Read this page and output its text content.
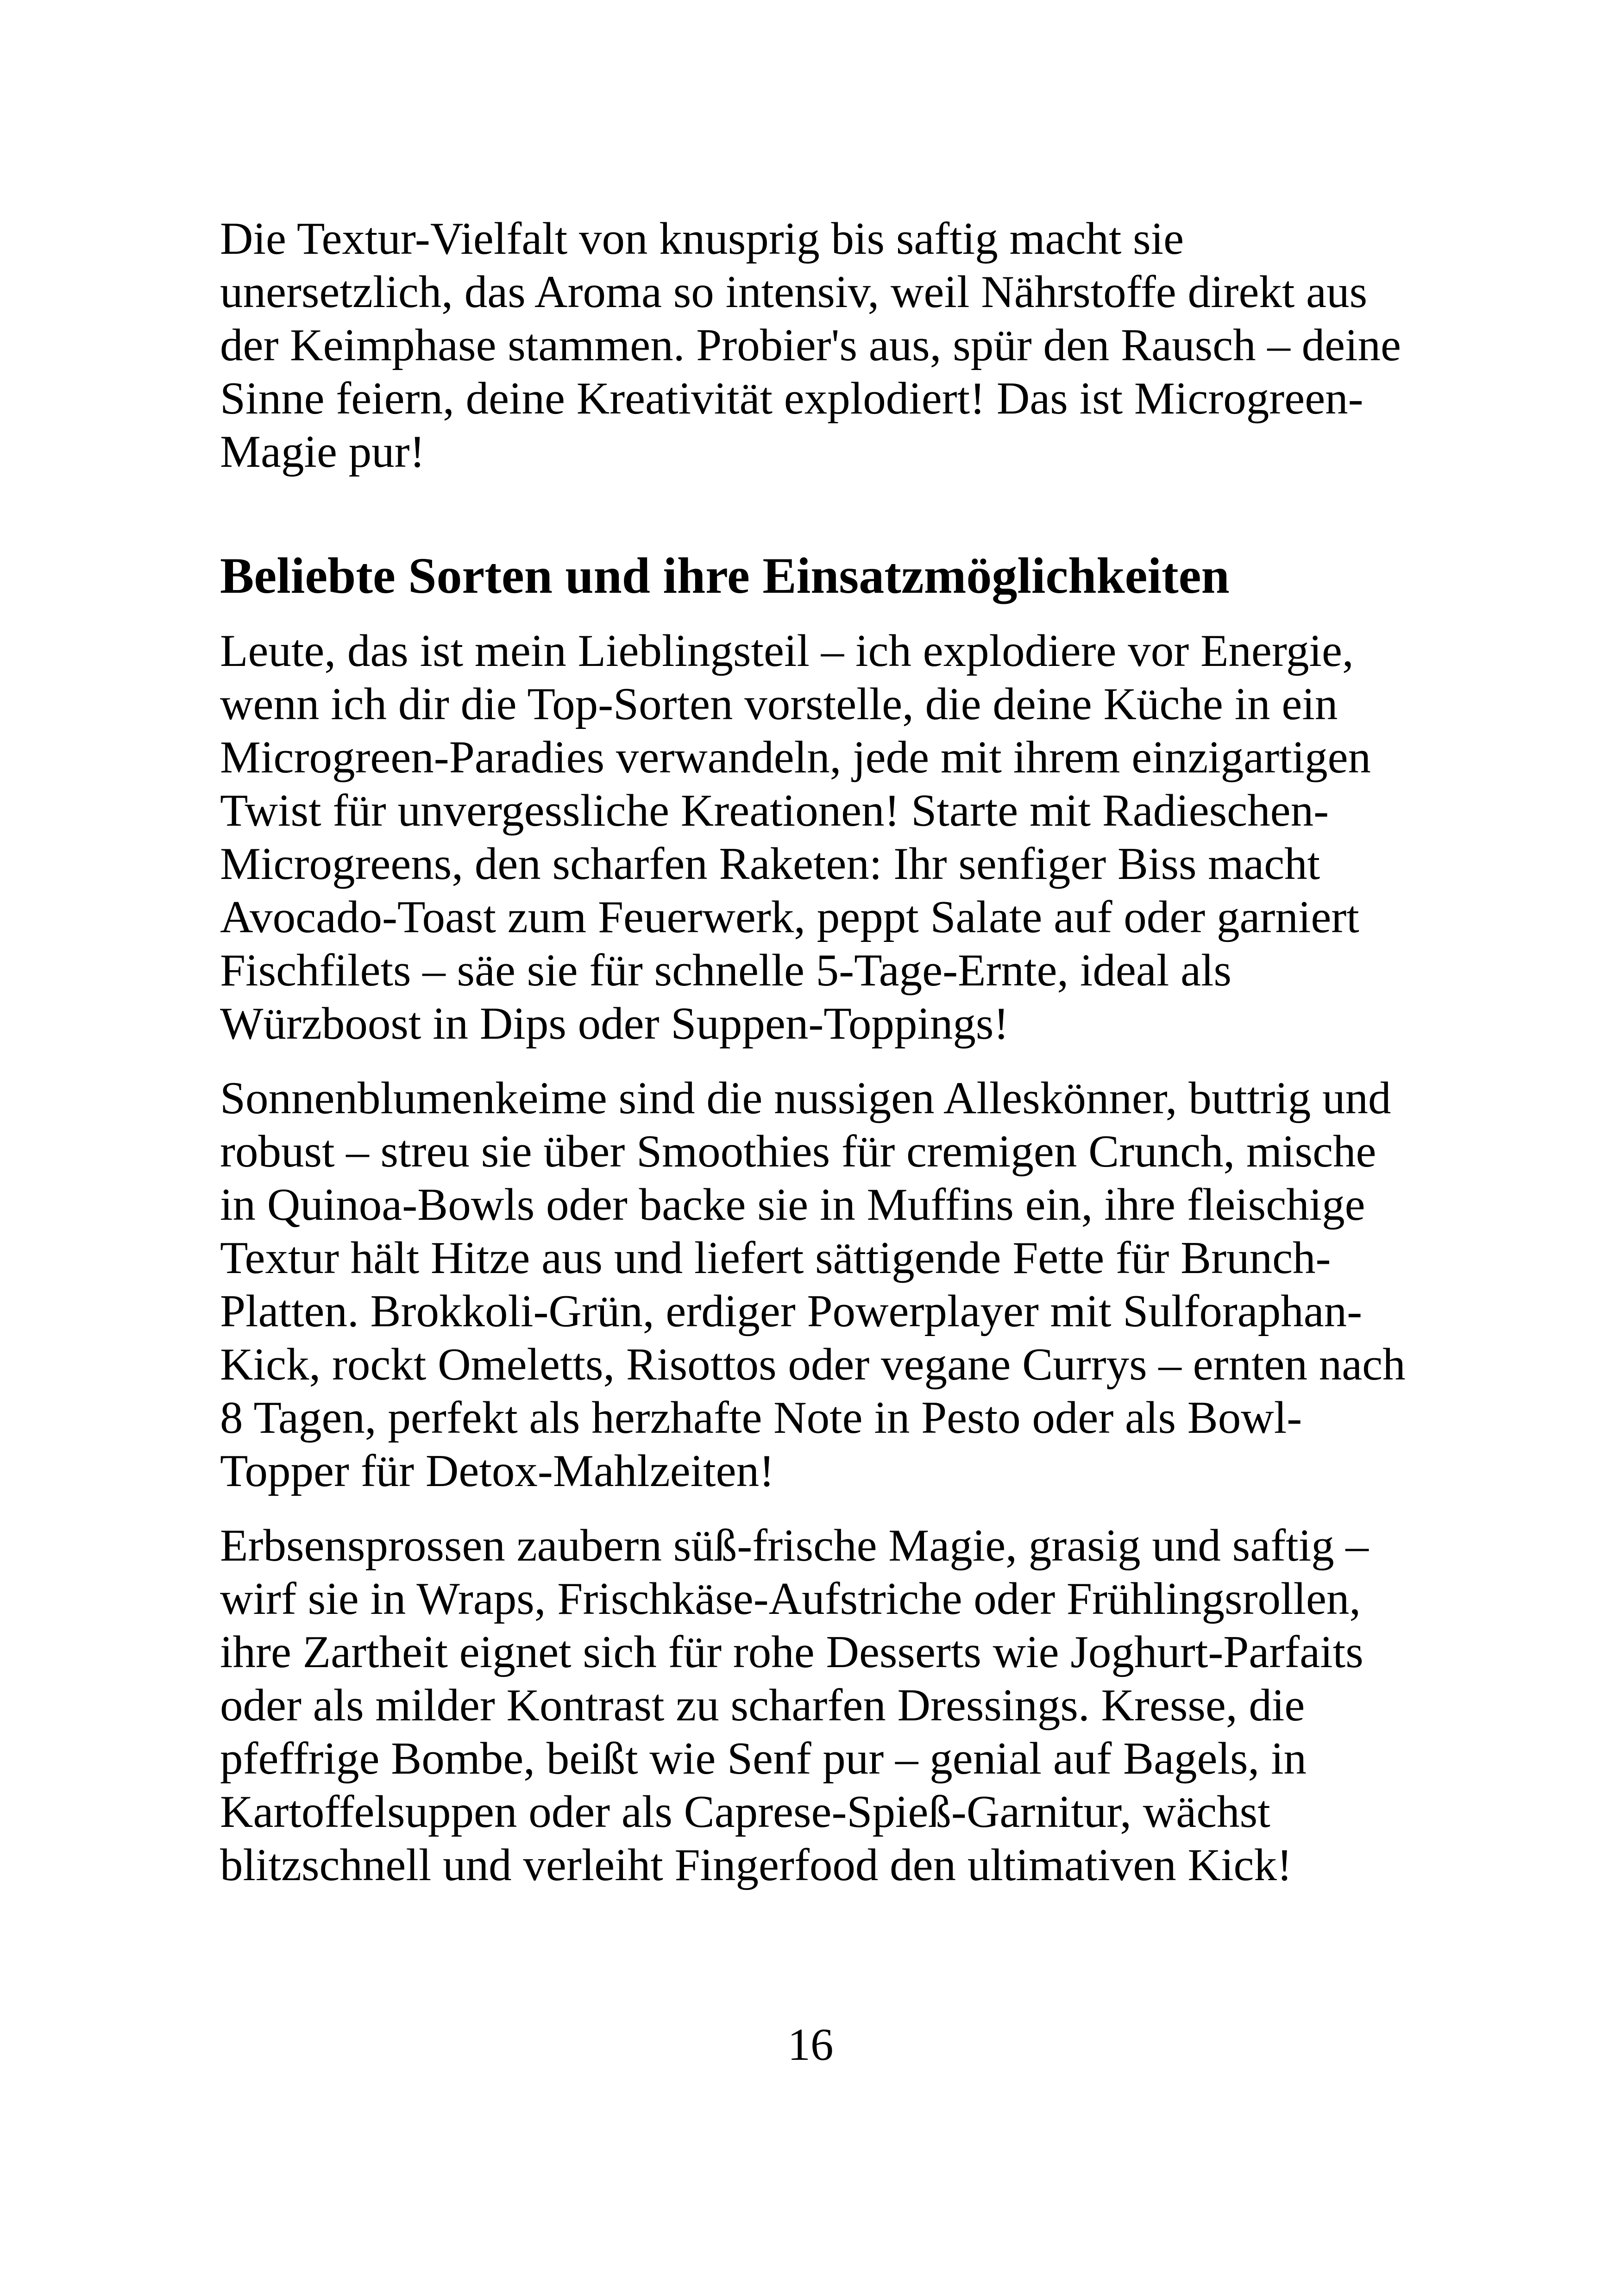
Die Textur-Vielfalt von knusprig bis saftig macht sie unersetzlich, das Aroma so intensiv, weil Nährstoffe direkt aus der Keimphase stammen. Probier's aus, spür den Rausch – deine Sinne feiern, deine Kreativität explodiert! Das ist Microgreen-Magie pur!

Beliebte Sorten und ihre Einsatzmöglichkeiten

Leute, das ist mein Lieblingsteil – ich explodiere vor Energie, wenn ich dir die Top-Sorten vorstelle, die deine Küche in ein Microgreen-Paradies verwandeln, jede mit ihrem einzigartigen Twist für unvergessliche Kreationen! Starte mit Radieschen-Microgreens, den scharfen Raketen: Ihr senfiger Biss macht Avocado-Toast zum Feuerwerk, peppt Salate auf oder garniert Fischfilets – säe sie für schnelle 5-Tage-Ernte, ideal als Würzboost in Dips oder Suppen-Toppings!

Sonnenblumenkeime sind die nussigen Alleskönner, buttrig und robust – streu sie über Smoothies für cremigen Crunch, mische in Quinoa-Bowls oder backe sie in Muffins ein, ihre fleischige Textur hält Hitze aus und liefert sättigende Fette für Brunch-Platten. Brokkoli-Grün, erdiger Powerplayer mit Sulforaphan-Kick, rockt Omeletts, Risottos oder vegane Currys – ernten nach 8 Tagen, perfekt als herzhafte Note in Pesto oder als Bowl-Topper für Detox-Mahlzeiten!

Erbsensprossen zaubern süß-frische Magie, grasig und saftig – wirf sie in Wraps, Frischkäse-Aufstriche oder Frühlingsrollen, ihre Zartheit eignet sich für rohe Desserts wie Joghurt-Parfaits oder als milder Kontrast zu scharfen Dressings. Kresse, die pfeffrige Bombe, beißt wie Senf pur – genial auf Bagels, in Kartoffelsuppen oder als Caprese-Spieß-Garnitur, wächst blitzschnell und verleiht Fingerfood den ultimativen Kick!

16
